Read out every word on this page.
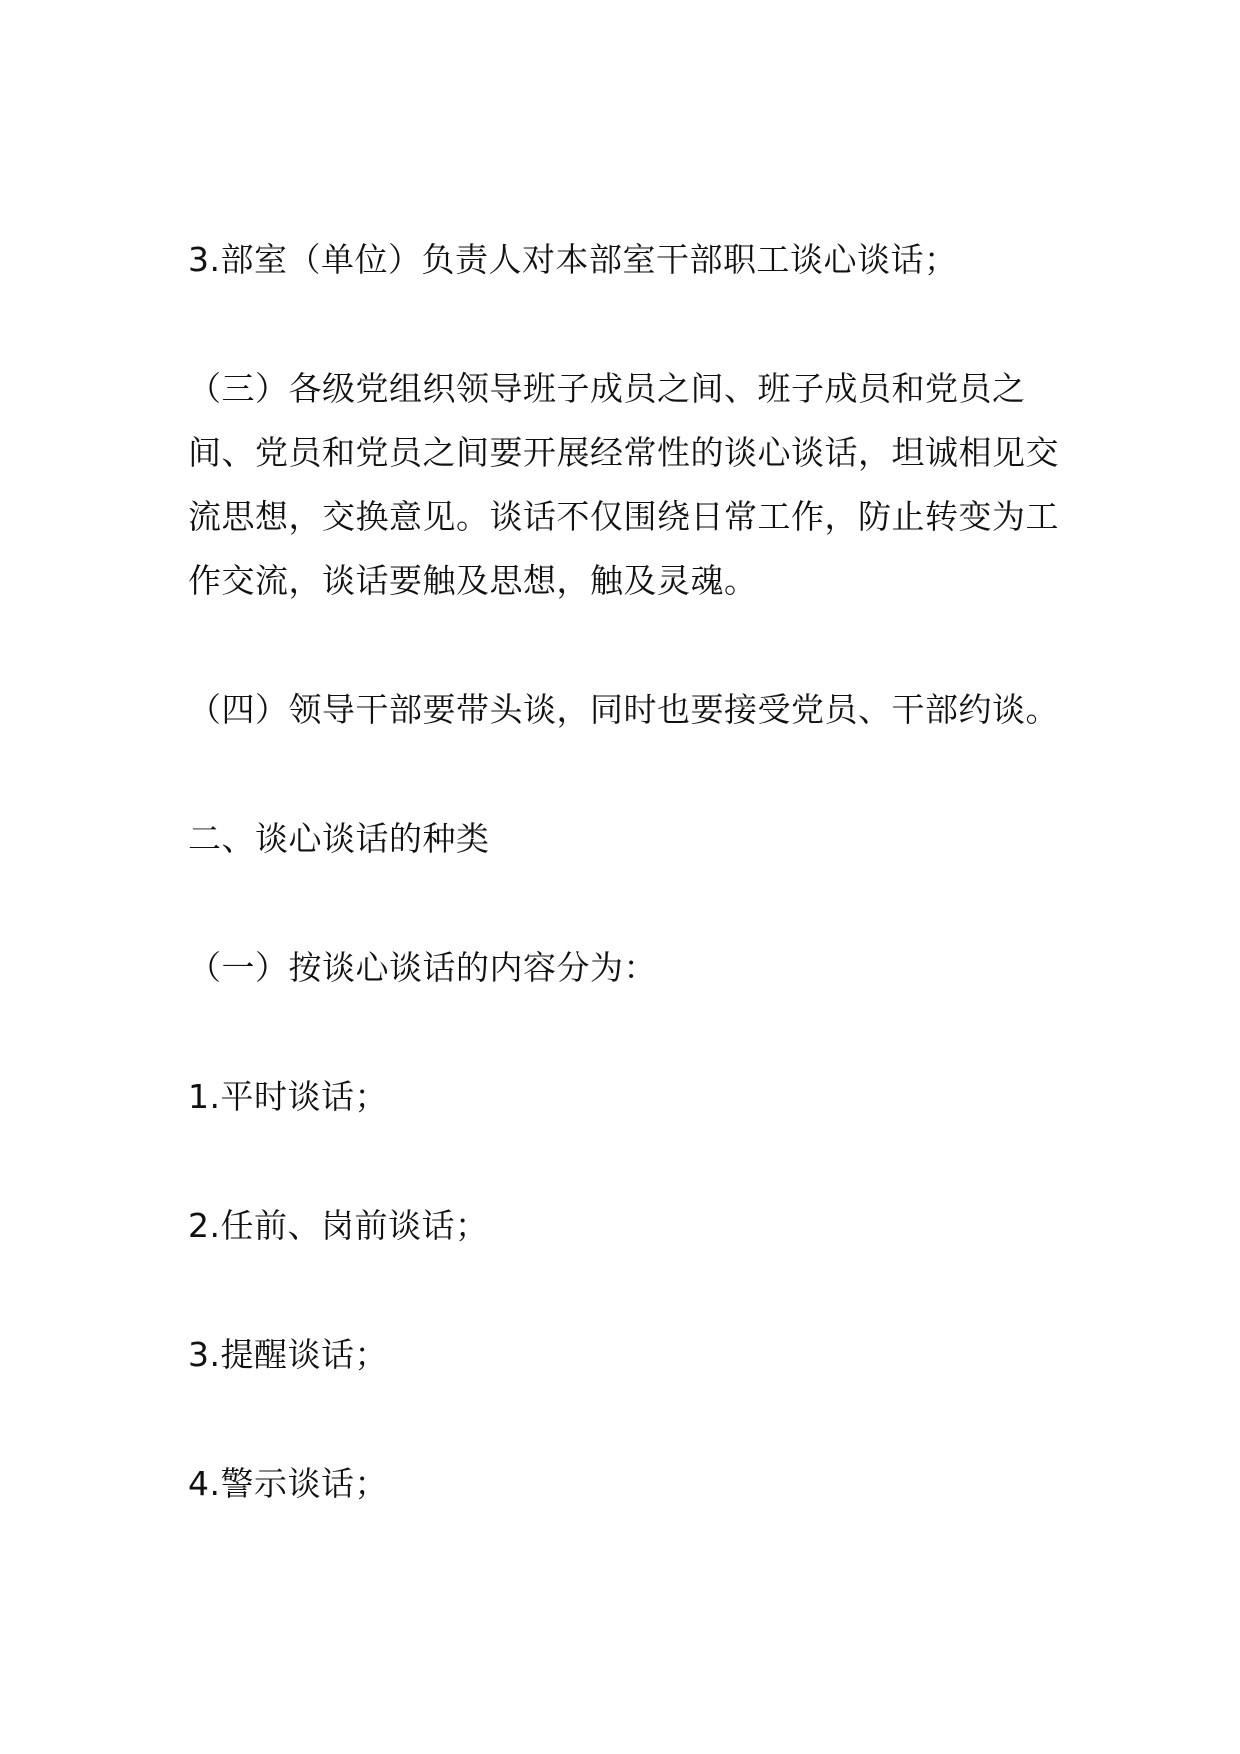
3.部室（单位）负责人对本部室干部职工谈心谈话；

（三）各级党组织领导班子成员之间、班子成员和党员之间、党员和党员之间要开展经常性的谈心谈话，坦诚相见交流思想，交换意见。谈话不仅围绕日常工作，防止转变为工作交流，谈话要触及思想，触及灵魂。

（四）领导干部要带头谈，同时也要接受党员、干部约谈。

二、谈心谈话的种类

（一）按谈心谈话的内容分为：

1.平时谈话；

2.任前、岗前谈话；

3.提醒谈话；

4.警示谈话；
